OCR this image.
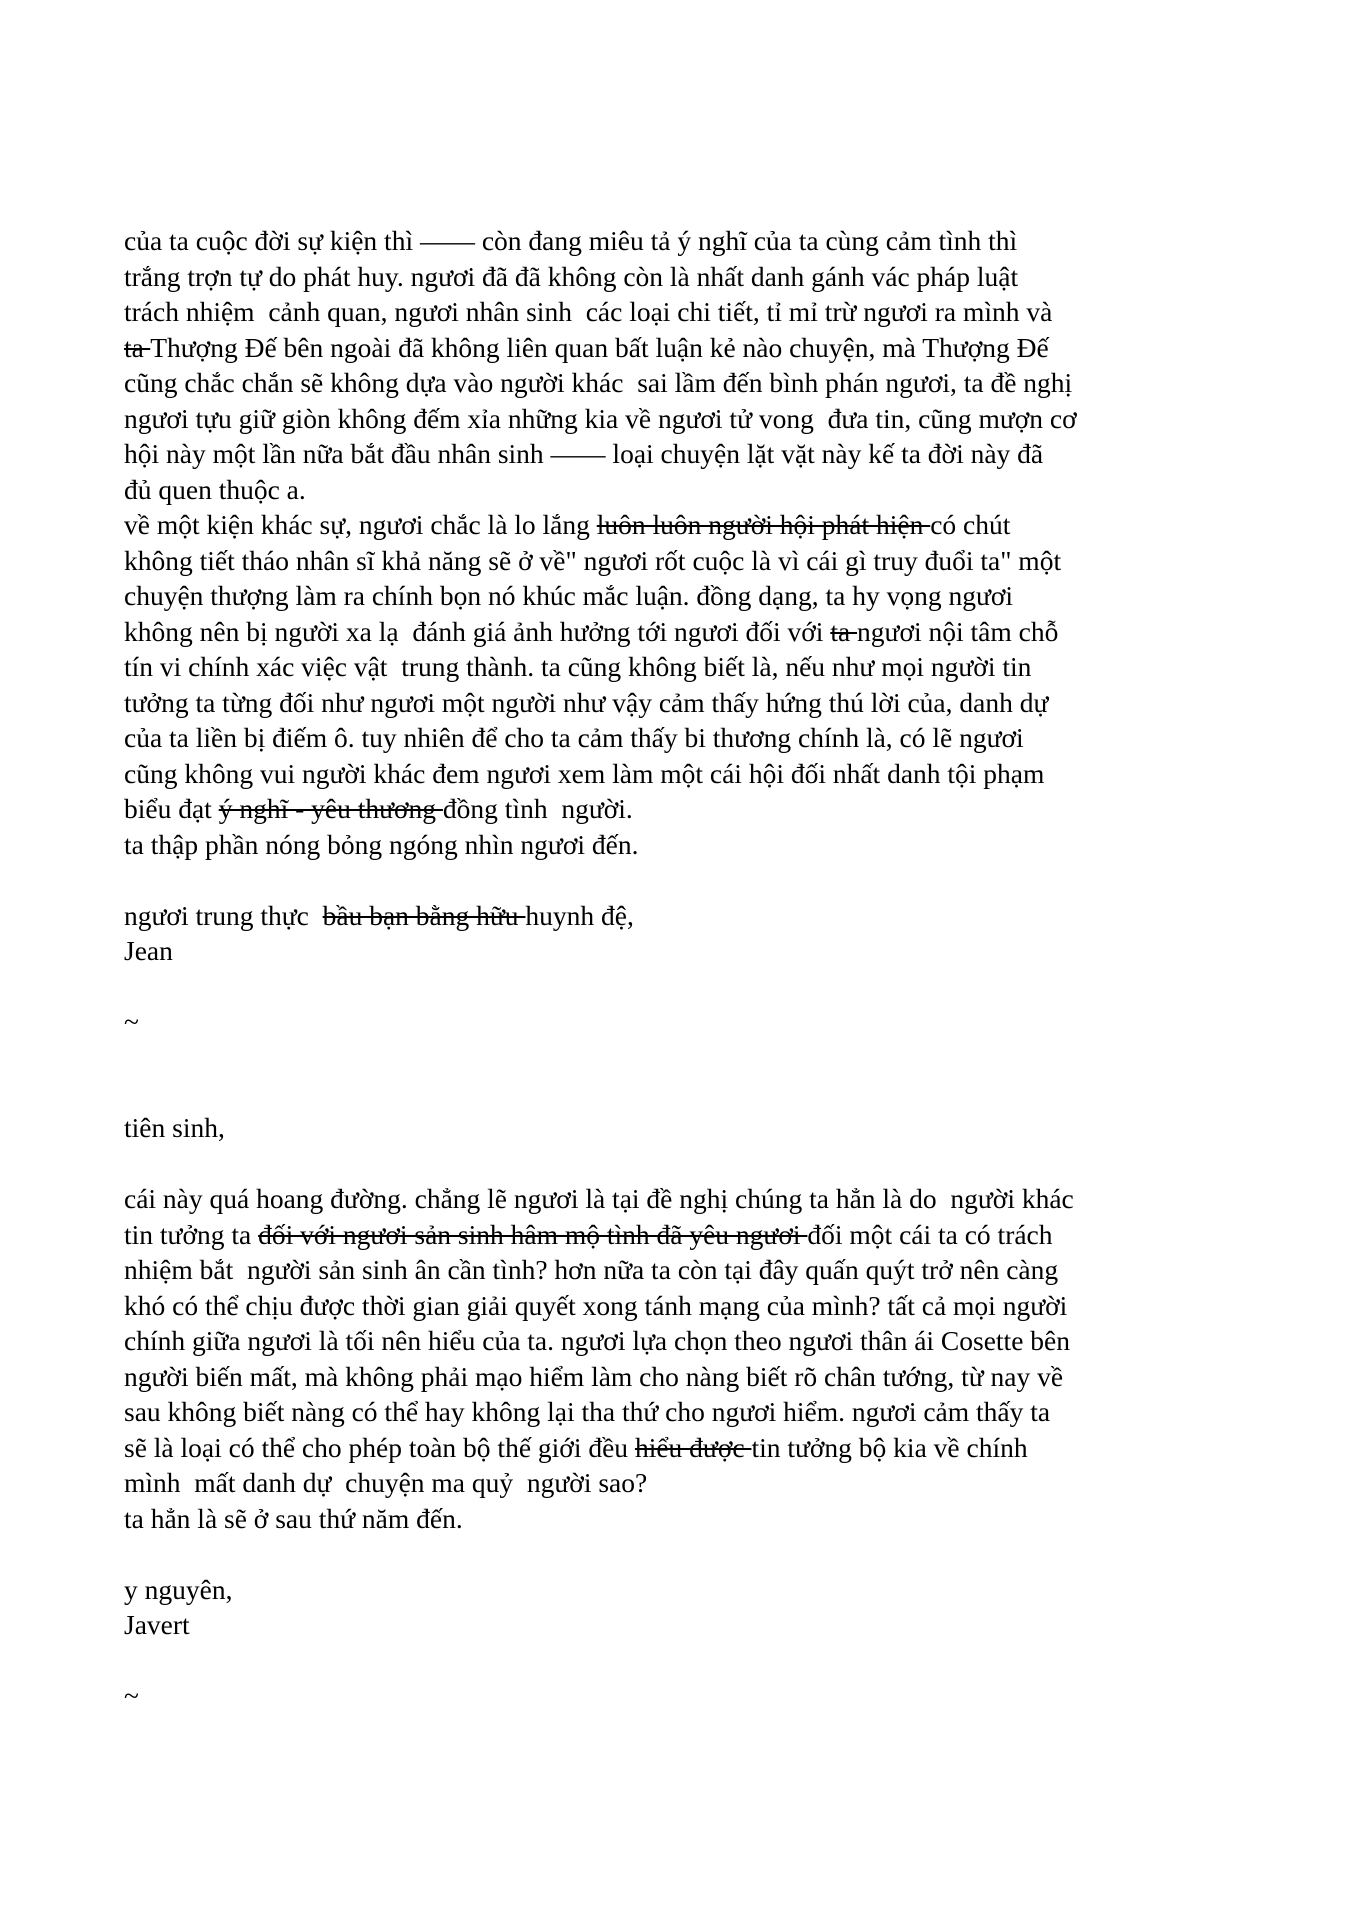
của ta cuộc đời sự kiện thì —— còn đang miêu tả ý nghĩ của ta cùng cảm tình thì
trắng trợn tự do phát huy. ngươi đã đã không còn là nhất danh gánh vác pháp luật
trách nhiệm  cảnh quan, ngươi nhân sinh  các loại chi tiết, tỉ mỉ trừ ngươi ra mình và
ta Thượng Đế bên ngoài đã không liên quan bất luận kẻ nào chuyện, mà Thượng Đế
cũng chắc chắn sẽ không dựa vào người khác  sai lầm đến bình phán ngươi, ta đề nghị
ngươi tựu giữ giòn không đếm xỉa những kia về ngươi tử vong  đưa tin, cũng mượn cơ
hội này một lần nữa bắt đầu nhân sinh —— loại chuyện lặt vặt này kế ta đời này đã
đủ quen thuộc a.
về một kiện khác sự, ngươi chắc là lo lắng luôn luôn người hội phát hiện có chút
không tiết tháo nhân sĩ khả năng sẽ ở về" ngươi rốt cuộc là vì cái gì truy đuổi ta" một
chuyện thượng làm ra chính bọn nó khúc mắc luận. đồng dạng, ta hy vọng ngươi
không nên bị người xa lạ  đánh giá ảnh hưởng tới ngươi đối với ta ngươi nội tâm chỗ
tín vi chính xác việc vật  trung thành. ta cũng không biết là, nếu như mọi người tin
tưởng ta từng đối như ngươi một người như vậy cảm thấy hứng thú lời của, danh dự
của ta liền bị điếm ô. tuy nhiên để cho ta cảm thấy bi thương chính là, có lẽ ngươi
cũng không vui người khác đem ngươi xem làm một cái hội đối nhất danh tội phạm
biểu đạt ý nghĩ - yêu thương đồng tình  người.
ta thập phần nóng bỏng ngóng nhìn ngươi đến.
ngươi trung thực  bầu bạn bằng hữu huynh đệ,
Jean
~
tiên sinh,
cái này quá hoang đường. chẳng lẽ ngươi là tại đề nghị chúng ta hẳn là do  người khác
tin tưởng ta đối với ngươi sản sinh hâm mộ tình đã yêu ngươi đối một cái ta có trách
nhiệm bắt  người sản sinh ân cần tình? hơn nữa ta còn tại đây quấn quýt trở nên càng
khó có thể chịu được thời gian giải quyết xong tánh mạng của mình? tất cả mọi người
chính giữa ngươi là tối nên hiểu của ta. ngươi lựa chọn theo ngươi thân ái Cosette bên
người biến mất, mà không phải mạo hiểm làm cho nàng biết rõ chân tướng, từ nay về
sau không biết nàng có thể hay không lại tha thứ cho ngươi hiểm. ngươi cảm thấy ta
sẽ là loại có thể cho phép toàn bộ thế giới đều hiểu được tin tưởng bộ kia về chính
mình  mất danh dự  chuyện ma quỷ  người sao?
ta hẳn là sẽ ở sau thứ năm đến.
y nguyên,
Javert
~
